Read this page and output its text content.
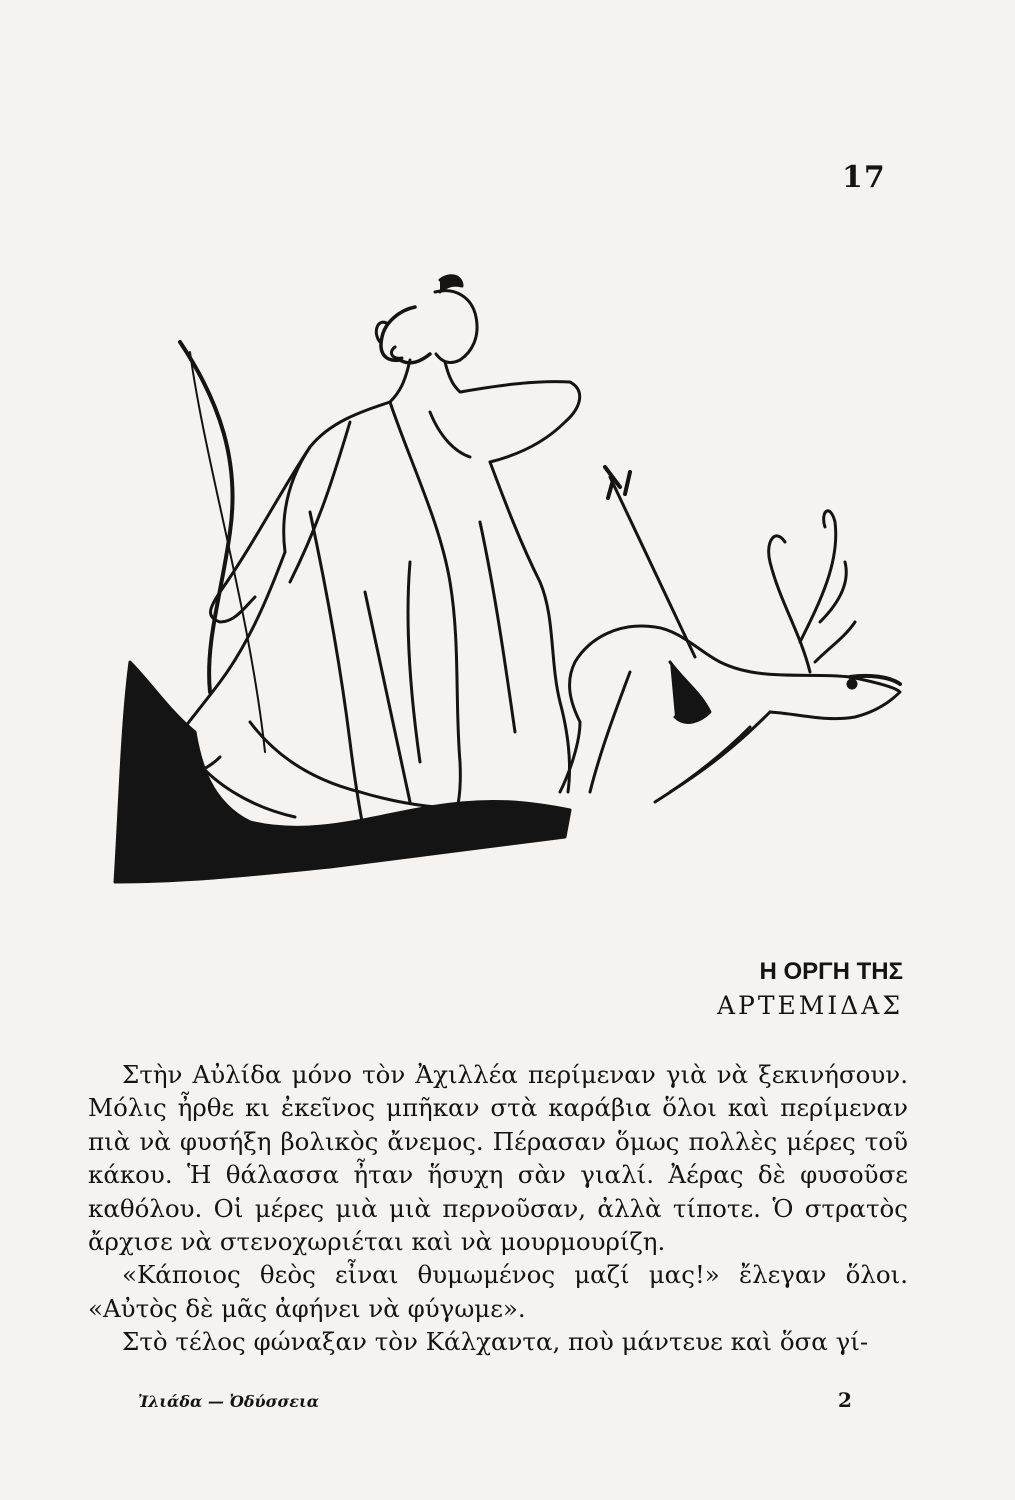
17
Η ΟΡΓΗ ΤΗΣ
ΑΡΤΕΜΙΔΑΣ

Στὴν Αὐλίδα μόνο τὸν Ἀχιλλέα περίμεναν γιὰ νὰ ξεκινήσουν. Μόλις ἦρθε κι ἐκεῖνος μπῆκαν στὰ καράβια ὅλοι καὶ περίμεναν πιὰ νὰ φυσήξη βολικὸς ἄνεμος. Πέρασαν ὅμως πολλὲς μέρες τοῦ κάκου. Ἡ θάλασσα ἦταν ἥσυχη σὰν γιαλί. Ἀέρας δὲ φυσοῦσε καθόλου. Οἱ μέρες μιὰ μιὰ περνοῦσαν, ἀλλὰ τίποτε. Ὁ στρατὸς ἄρχισε νὰ στενοχωριέται καὶ νὰ μουρμουρίζη.

«Κάποιος θεὸς εἶναι θυμωμένος μαζί μας!» ἔλεγαν ὅλοι. «Αὐτὸς δὲ μᾶς ἀφήνει νὰ φύγωμε».

Στὸ τέλος φώναξαν τὸν Κάλχαντα, ποὺ μάντευε καὶ ὅσα γί-

Ἰλιάδα — Ὀδύσσεια	2
